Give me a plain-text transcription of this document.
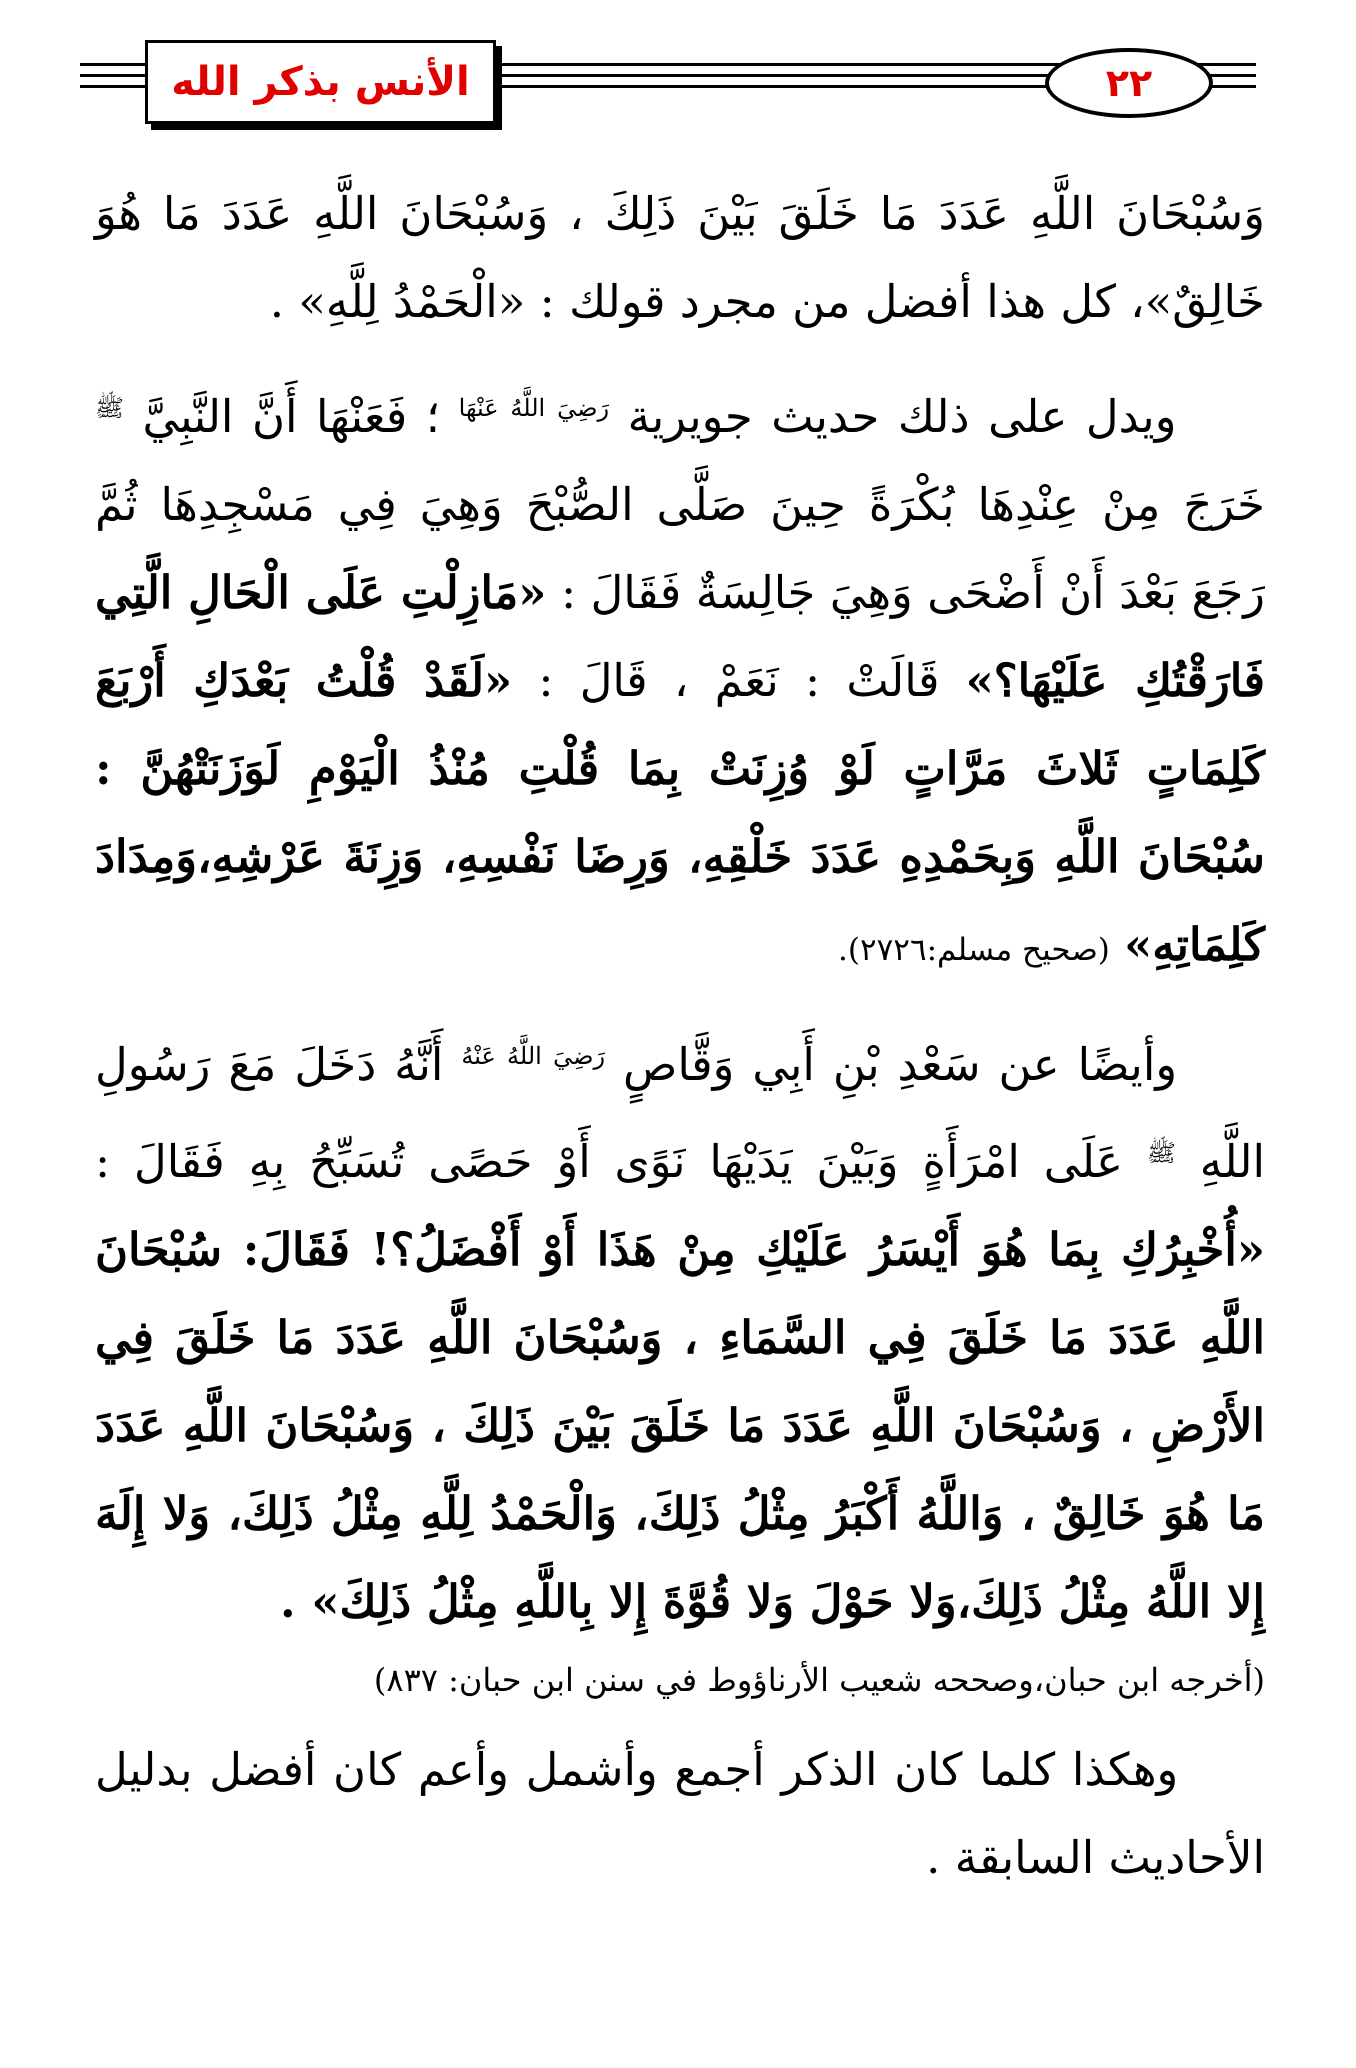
الأنس بذكر الله	٢٢

وَسُبْحَانَ اللَّهِ عَدَدَ مَا خَلَقَ بَيْنَ ذَلِكَ ، وَسُبْحَانَ اللَّهِ عَدَدَ مَا هُوَ خَالِقٌ»، كل هذا أفضل من مجرد قولك : «الْحَمْدُ لِلَّهِ» .

ويدل على ذلك حديث جويرية $^{رَضِيَ اللَّهُ عَنْهَا}$ ؛ فَعَنْهَا أَنَّ النَّبِيَّ $^ﷺ$ خَرَجَ مِنْ عِنْدِهَا بُكْرَةً حِينَ صَلَّى الصُّبْحَ وَهِيَ فِي مَسْجِدِهَا ثُمَّ رَجَعَ بَعْدَ أَنْ أَضْحَى وَهِيَ جَالِسَةٌ فَقَالَ : «مَازِلْتِ عَلَى الْحَالِ الَّتِي فَارَقْتُكِ عَلَيْهَا؟» قَالَتْ : نَعَمْ ، قَالَ : «لَقَدْ قُلْتُ بَعْدَكِ أَرْبَعَ كَلِمَاتٍ ثَلاثَ مَرَّاتٍ لَوْ وُزِنَتْ بِمَا قُلْتِ مُنْذُ الْيَوْمِ لَوَزَنَتْهُنَّ : سُبْحَانَ اللَّهِ وَبِحَمْدِهِ عَدَدَ خَلْقِهِ، وَرِضَا نَفْسِهِ، وَزِنَةَ عَرْشِهِ،وَمِدَادَ كَلِمَاتِهِ» (صحيح مسلم:٢٧٢٦).

وأيضًا عن سَعْدِ بْنِ أَبِي وَقَّاصٍ $^{رَضِيَ اللَّهُ عَنْهُ}$ أَنَّهُ دَخَلَ مَعَ رَسُولِ اللَّهِ $^ﷺ$ عَلَى امْرَأَةٍ وَبَيْنَ يَدَيْهَا نَوًى أَوْ حَصًى تُسَبِّحُ بِهِ فَقَالَ : «أُخْبِرُكِ بِمَا هُوَ أَيْسَرُ عَلَيْكِ مِنْ هَذَا أَوْ أَفْضَلُ؟! فَقَالَ: سُبْحَانَ اللَّهِ عَدَدَ مَا خَلَقَ فِي السَّمَاءِ ، وَسُبْحَانَ اللَّهِ عَدَدَ مَا خَلَقَ فِي الأَرْضِ ، وَسُبْحَانَ اللَّهِ عَدَدَ مَا خَلَقَ بَيْنَ ذَلِكَ ، وَسُبْحَانَ اللَّهِ عَدَدَ مَا هُوَ خَالِقٌ ، وَاللَّهُ أَكْبَرُ مِثْلُ ذَلِكَ، وَالْحَمْدُ لِلَّهِ مِثْلُ ذَلِكَ، وَلا إِلَهَ إِلا اللَّهُ مِثْلُ ذَلِكَ،وَلا حَوْلَ وَلا قُوَّةَ إِلا بِاللَّهِ مِثْلُ ذَلِكَ» .

(أخرجه ابن حبان،وصححه شعيب الأرناؤوط في سنن ابن حبان: ٨٣٧)

وهكذا كلما كان الذكر أجمع وأشمل وأعم كان أفضل بدليل الأحاديث السابقة .
